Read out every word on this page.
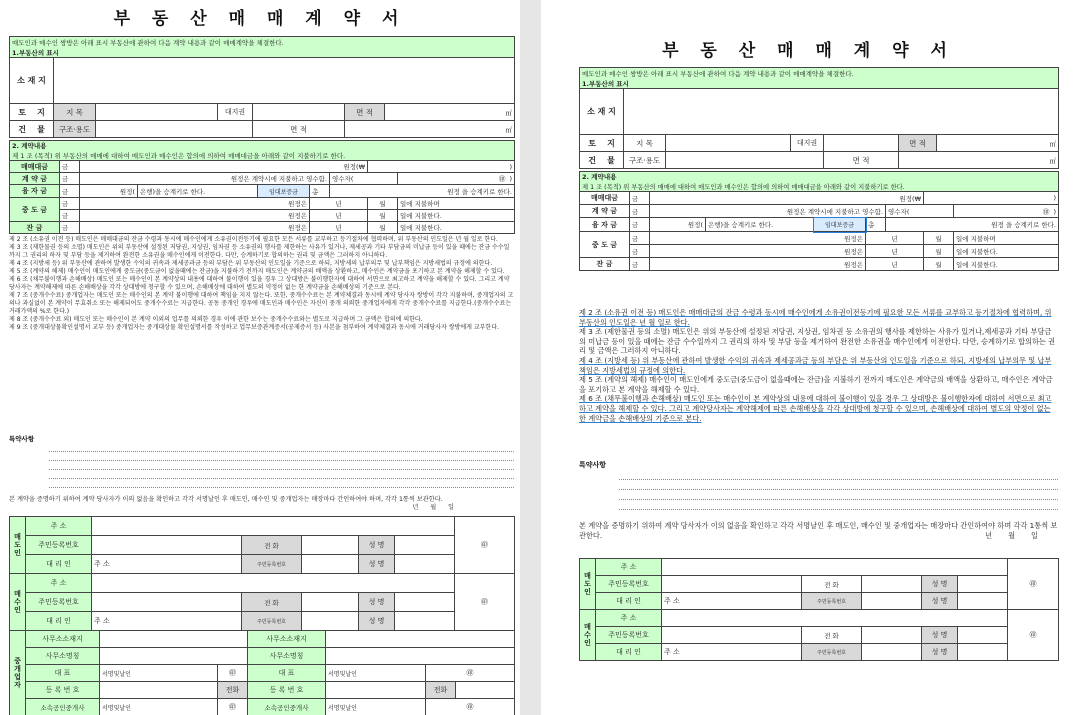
부 동 산 매 매 계 약 서
매도인과 매수인 쌍방은 아래 표시 부동산에 관하여 다음 계약 내용과 같이 매매계약을 체결한다.						
1.부동산의 표시						
소 재 지						
토 지	지 목		대지권		면 적	㎡
건 물	구조·용도			면 적	㎡	
2. 계약내용								
제 1 조 (목적) 위 부동산의 매매에 대하여 매도인과 매수인은 합의에 의하여 매매대금을 아래와 같이 지불하기로 한다.								
매매대금	금	원정(₩					)	
계 약 금	금	원정은 계약시에 지불하고 영수함.				영수자(		㊞ )
융 자 금	금	원정(	은행)을 승계키로 한다.	임대보증금	총	원정 을 승계키로 한다.		
중 도 금	금	원정은			년		월	일에 지불하며
	금	원정은			년		월	일에 지불한다.
잔 금	금	원정은			년		월	일에 지불한다.

제 2 조 (소유권 이전 등) 매도인은 매매대금의 잔금 수령과 동시에 매수인에게 소유권이전등기에 필요한 모든 서류를 교부하고 등기절차에 협력하며, 위 부동산의 인도일은 년 월 일로 한다.

제 3 조 (제한물권 등의 소멸) 매도인은 위의 부동산에 설정된 저당권, 지상권, 임차권 등 소유권의 행사를 제한하는 사유가 있거나, 제세공과 기타 부담금의 미납금 등이 있을 때에는 잔금 수수일까지 그 권리의 하자 및 부담 등을 제거하여 완전한 소유권을 매수인에게 이전한다. 다만, 승계하기로 합의하는 권리 및 금액은 그러하지 아니하다.

제 4 조 (지방세 등) 위 부동산에 관하여 발생한 수익의 귀속과 제세공과금 등의 부담은 위 부동산의 인도일을 기준으로 하되, 지방세의 납부의무 및 납부책임은 지방세법의 규정에 의한다.

제 5 조 (계약의 해제) 매수인이 매도인에게 중도금(중도금이 없을때에는 잔금)을 지불하기 전까지 매도인은 계약금의 배액을 상환하고, 매수인은 계약금을 포기하고 본 계약을 해제할 수 있다.

제 6 조 (채무불이행과 손해배상) 매도인 또는 매수인이 본 계약상의 내용에 대하여 불이행이 있을 경우 그 상대방은 불이행한자에 대하여 서면으로 최고하고 계약을 해제할 수 있다. 그리고 계약당사자는 계약해제에 따른 손해배상을 각각 상대방에 청구할 수 있으며, 손해배상에 대하여 별도의 약정이 없는 한 계약금을 손해배상의 기준으로 본다.

제 7 조 (중개수수료) 중개업자는 매도인 또는 매수인의 본 계약 불이행에 대하여 책임을 지지 않는다. 또한, 중개수수료는 본 계약체결과 동시에 계약 당사자 쌍방이 각각 지불하며, 중개업자의 고의나 과실없이 본 계약이 무효취소 또는 해제되어도 중개수수료는 지급한다. 공동 중개인 경우에 매도인과 매수인은 자신이 중개 의뢰한 중개업자에게 각각 중개수수료를 지급한다.(중개수수료는 거래가액의 %로 한다.)

제 8 조 (중개수수료 외) 매도인 또는 매수인이 본 계약 이외의 업무를 의뢰한 경우 이에 관한 보수는 중개수수료와는 별도로 지급하며 그 금액은 합의에 의한다.

제 9 조 (중개대상물확인설명서 교부 등) 중개업자는 중개대상물 확인설명서를 작성하고 업무보증관계증서(공제증서 등) 사본을 첨부하여 계약체결과 동시에 거래당사자 쌍방에게 교부한다.

특약사항
본 계약을 증명하기 위하여 계약 당사자가 이의 없음을 확인하고 각각 서명날인 후 매도인, 매수인 및 중개업자는 매장마다 간인하여야 하며, 각각 1통씩 보관한다.
년 월 일
매
도
인	주 소						㊞
	주민등록번호		전 화		성 명		
	대 리 인	주 소	주민등록번호		성 명		
매
수
인	주 소						㊞
	주민등록번호		전 화		성 명		
	대 리 인	주 소	주민등록번호		성 명		
중
개
업
자	사무소소재지			사무소소재지			
	사무소명칭			사무소명칭			
	대 표	서명및날인	㊞	대 표	서명및날인	㊞	
	등 록 번 호		전화	등 록 번 호		전화	
	소속공인중개사	서명및날인	㊞	소속공인중개사	서명및날인	㊞	
부 동 산 매 매 계 약 서
매도인과 매수인 쌍방은 아래 표시 부동산에 관하여 다음 계약 내용과 같이 매매계약을 체결한다.						
1.부동산의 표시						
소 재 지						
토 지	지 목		대지권		면 적	㎡
건 물	구조·용도			면 적	㎡	
2. 계약내용								
제 1 조 (목적) 위 부동산의 매매에 대하여 매도인과 매수인은 합의에 의하여 매매대금을 아래와 같이 지불하기로 한다.								
매매대금	금	원정(₩					)	
계 약 금	금	원정은 계약시에 지불하고 영수함.				영수자(		㊞ )
융 자 금	금	원정(	은행)을 승계키로 한다.	임대보증금	총	원정 을 승계키로 한다.		
중 도 금	금	원정은			년		월	일에 지불하며
	금	원정은			년		월	일에 지불한다.
잔 금	금	원정은			년		월	일에 지불한다.

제 2 조 (소유권 이전 등) 매도인은 매매대금의 잔금 수령과 동시에 매수인에게 소유권이전등기에 필요한 모든 서류를 교부하고 등기절차에 협력하며, 위 부동산의 인도일은 년 월 일로 한다.

제 3 조 (제한물권 등의 소멸) 매도인은 위의 부동산에 설정된 저당권, 지상권, 임차권 등 소유권의 행사를 제한하는 사유가 있거나,제세공과 기타 부담금의 미납금 등이 있을 때에는 잔금 수수일까지 그 권리의 하자 및 부담 등을 제거하여 완전한 소유권을 매수인에게 이전한다. 다만, 승계하기로 합의하는 권리 및 금액은 그러하지 아니하다.

제 4 조 (지방세 등) 위 부동산에 관하여 발생한 수익의 귀속과 제세공과금 등의 부담은 위 부동산의 인도일을 기준으로 하되, 지방세의 납부의무 및 납부책임은 지방세법의 규정에 의한다.

제 5 조 (계약의 해제) 매수인이 매도인에게 중도금(중도금이 없을때에는 잔금)을 지불하기 전까지 매도인은 계약금의 배액을 상환하고, 매수인은 계약금을 포기하고 본 계약을 해제할 수 있다.

제 6 조 (채무불이행과 손해배상) 매도인 또는 매수인이 본 계약상의 내용에 대하여 불이행이 있을 경우 그 상대방은 불이행한자에 대하여 서면으로 최고하고 계약을 해제할 수 있다. 그리고 계약당사자는 계약해제에 따른 손해배상을 각각 상대방에 청구할 수 있으며, 손해배상에 대하여 별도의 약정이 없는 한 계약금을 손해배상의 기준으로 본다.

특약사항
본 계약을 증명하기 위하여 계약 당사자가 이의 없음을 확인하고 각각 서명날인 후 매도인, 매수인 및 중개업자는 매장마다 간인하여야 하며 각각 1통씩 보관한다.	년 월 일
매
도
인	주 소						㊞
	주민등록번호		전 화		성 명		
	대 리 인	주 소	주민등록번호		성 명		
매
수
인	주 소						㊞
	주민등록번호		전 화		성 명		
	대 리 인	주 소	주민등록번호		성 명		
